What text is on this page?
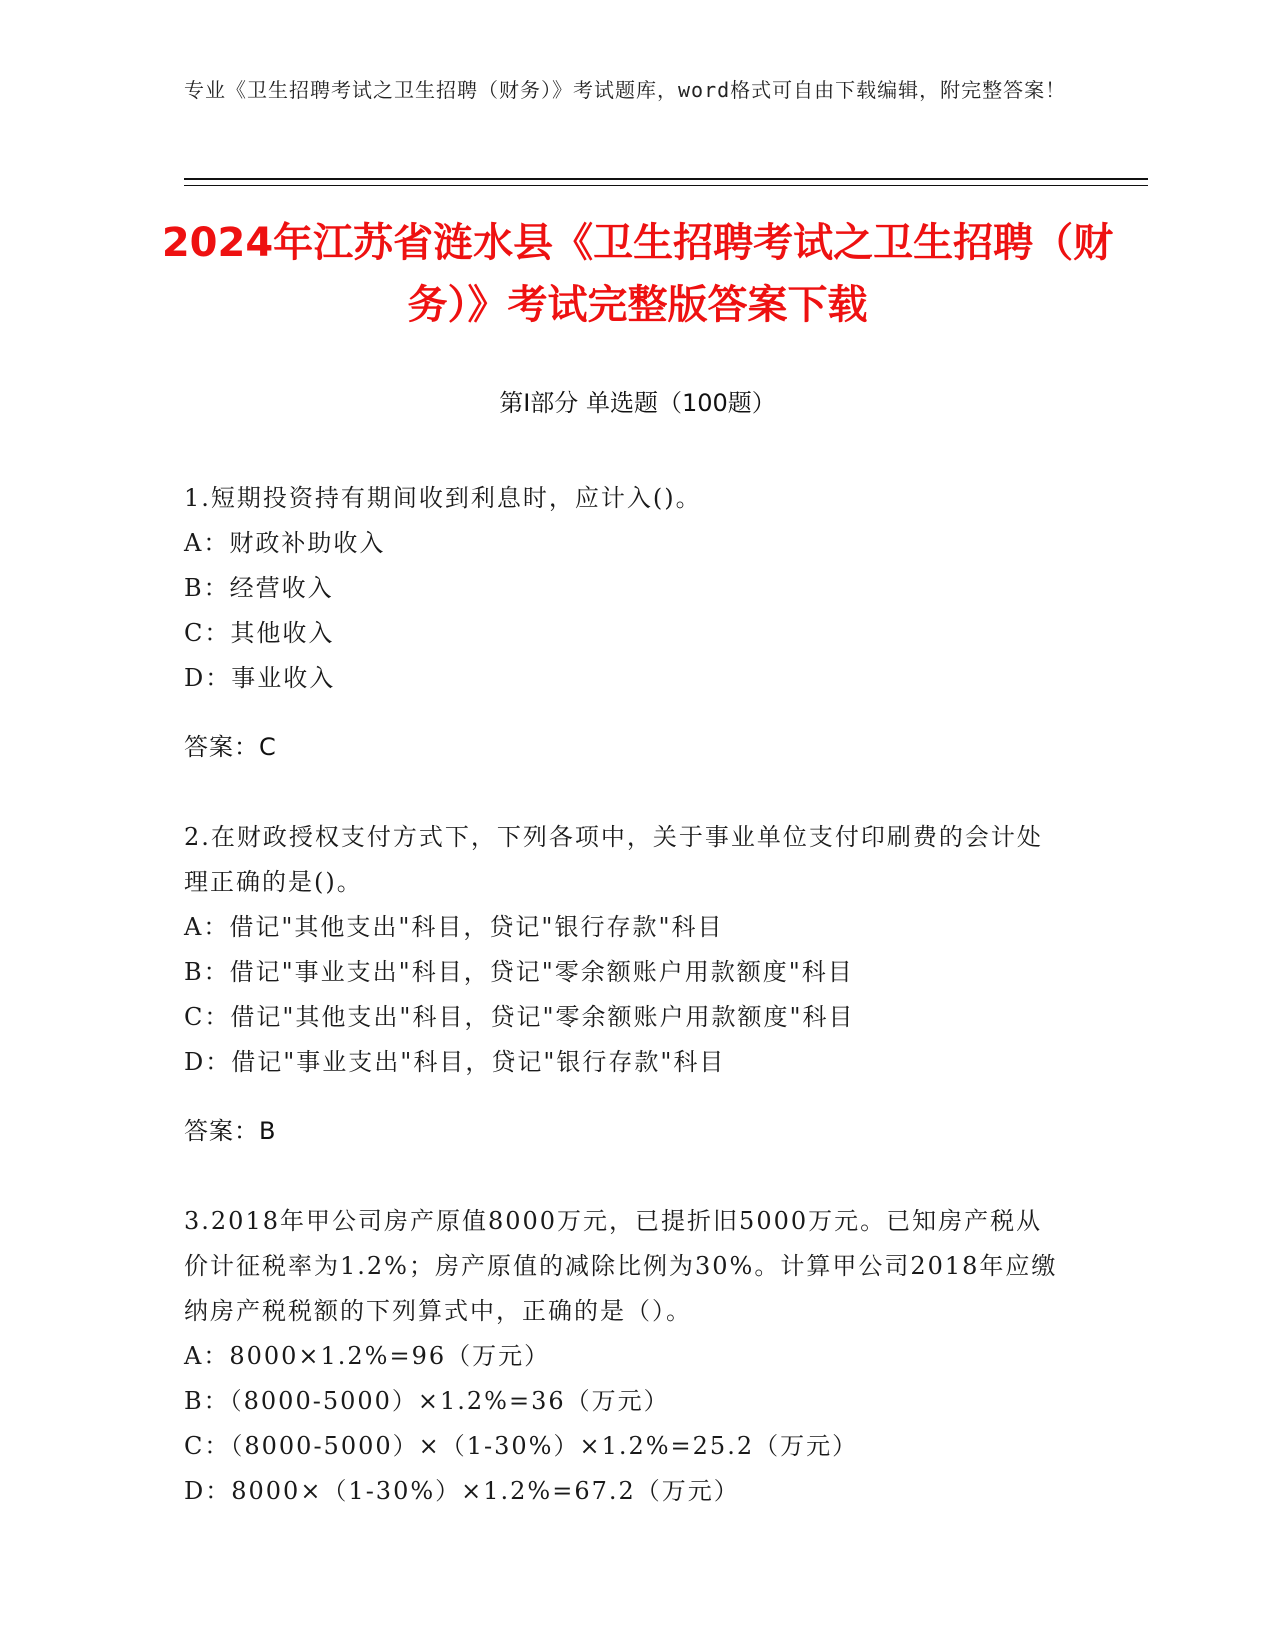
专业《卫生招聘考试之卫生招聘（财务）》考试题库，word格式可自由下载编辑，附完整答案！
2024年江苏省涟水县《卫生招聘考试之卫生招聘（财务）》考试完整版答案下载
第Ⅰ部分 单选题（100题）

1.短期投资持有期间收到利息时，应计入()。

A：财政补助收入

B：经营收入

C：其他收入

D：事业收入

答案：C

2.在财政授权支付方式下，下列各项中，关于事业单位支付印刷费的会计处理正确的是()。

A：借记"其他支出"科目，贷记"银行存款"科目

B：借记"事业支出"科目，贷记"零余额账户用款额度"科目

C：借记"其他支出"科目，贷记"零余额账户用款额度"科目

D：借记"事业支出"科目，贷记"银行存款"科目

答案：B

3.2018年甲公司房产原值8000万元，已提折旧5000万元。已知房产税从价计征税率为1.2%；房产原值的减除比例为30%。计算甲公司2018年应缴纳房产税税额的下列算式中，正确的是（）。

A：8000×1.2%=96（万元）

B：（8000-5000）×1.2%=36（万元）

C：（8000-5000）×（1-30%）×1.2%=25.2（万元）

D：8000×（1-30%）×1.2%=67.2（万元）
